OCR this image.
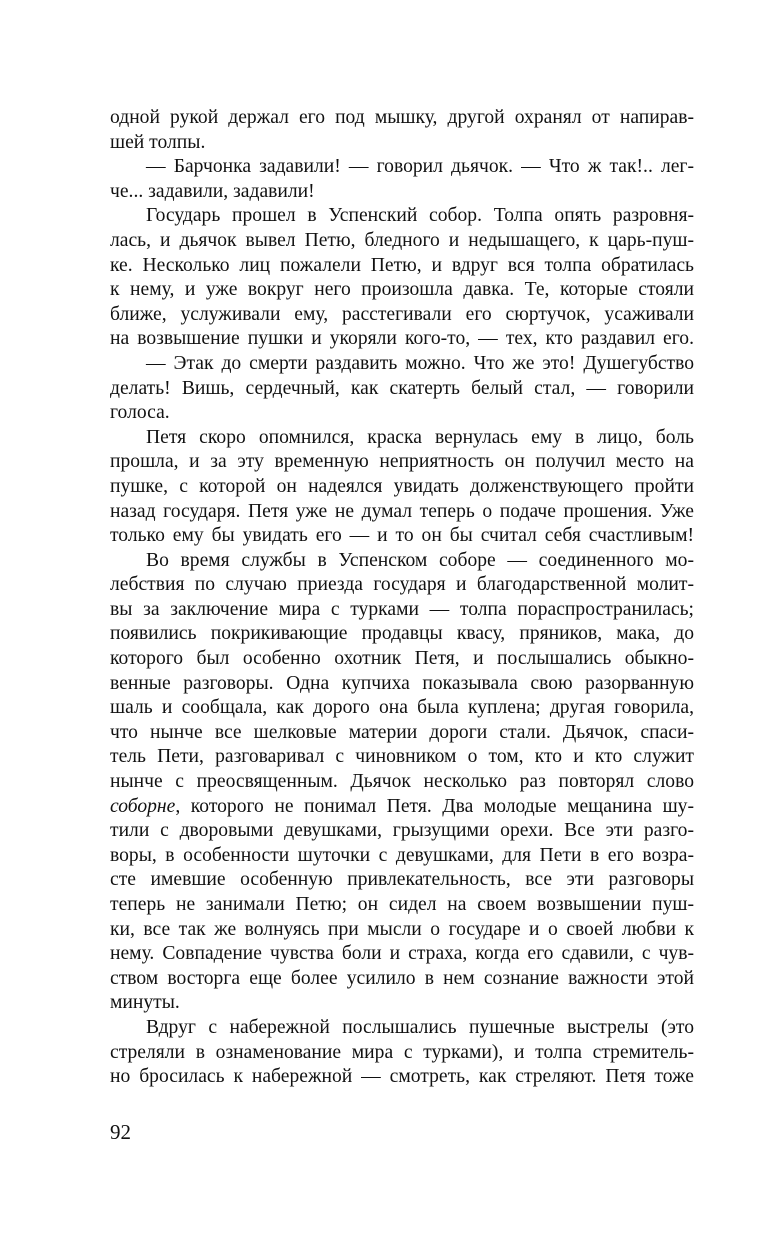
одной рукой держал его под мышку, другой охранял от напирав-
шей толпы.
— Барчонка задавили! — говорил дьячок. — Что ж так!.. лег-
че... задавили, задавили!
Государь прошел в Успенский собор. Толпа опять разровня-
лась, и дьячок вывел Петю, бледного и недышащего, к царь-пуш-
ке. Несколько лиц пожалели Петю, и вдруг вся толпа обратилась
к нему, и уже вокруг него произошла давка. Те, которые стояли
ближе, услуживали ему, расстегивали его сюртучок, усаживали
на возвышение пушки и укоряли кого-то, — тех, кто раздавил его.
— Этак до смерти раздавить можно. Что же это! Душегубство
делать! Вишь, сердечный, как скатерть белый стал, — говорили
голоса.
Петя скоро опомнился, краска вернулась ему в лицо, боль
прошла, и за эту временную неприятность он получил место на
пушке, с которой он надеялся увидать долженствующего пройти
назад государя. Петя уже не думал теперь о подаче прошения. Уже
только ему бы увидать его — и то он бы считал себя счастливым!
Во время службы в Успенском соборе — соединенного мо-
лебствия по случаю приезда государя и благодарственной молит-
вы за заключение мира с турками — толпа пораспространилась;
появились покрикивающие продавцы квасу, пряников, мака, до
которого был особенно охотник Петя, и послышались обыкно-
венные разговоры. Одна купчиха показывала свою разорванную
шаль и сообщала, как дорого она была куплена; другая говорила,
что нынче все шелковые материи дороги стали. Дьячок, спаси-
тель Пети, разговаривал с чиновником о том, кто и кто служит
нынче с преосвященным. Дьячок несколько раз повторял слово
соборне, которого не понимал Петя. Два молодые мещанина шу-
тили с дворовыми девушками, грызущими орехи. Все эти разго-
воры, в особенности шуточки с девушками, для Пети в его возра-
сте имевшие особенную привлекательность, все эти разговоры
теперь не занимали Петю; он сидел на своем возвышении пуш-
ки, все так же волнуясь при мысли о государе и о своей любви к
нему. Совпадение чувства боли и страха, когда его сдавили, с чув-
ством восторга еще более усилило в нем сознание важности этой
минуты.
Вдруг с набережной послышались пушечные выстрелы (это
стреляли в ознаменование мира с турками), и толпа стремитель-
но бросилась к набережной — смотреть, как стреляют. Петя тоже
92
